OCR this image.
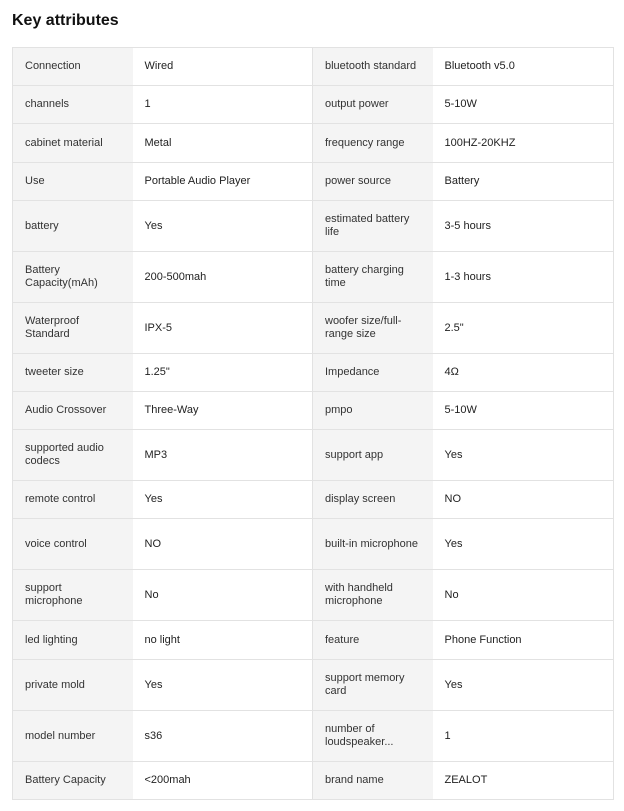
Key attributes
Connection	Wired	bluetooth standard	Bluetooth v5.0
channels	1	output power	5-10W
cabinet material	Metal	frequency range	100HZ-20KHZ
Use	Portable Audio Player	power source	Battery
battery	Yes	estimated battery life	3-5 hours
Battery Capacity(mAh)	200-500mah	battery charging time	1-3 hours
Waterproof Standard	IPX-5	woofer size/full-range size	2.5"
tweeter size	1.25"	Impedance	4Ω
Audio Crossover	Three-Way	pmpo	5-10W
supported audio codecs	MP3	support app	Yes
remote control	Yes	display screen	NO
voice control	NO	built-in microphone	Yes
support microphone	No	with handheld microphone	No
led lighting	no light	feature	Phone Function
private mold	Yes	support memory card	Yes
model number	s36	number of loudspeaker...	1
Battery Capacity	<200mah	brand name	ZEALOT
